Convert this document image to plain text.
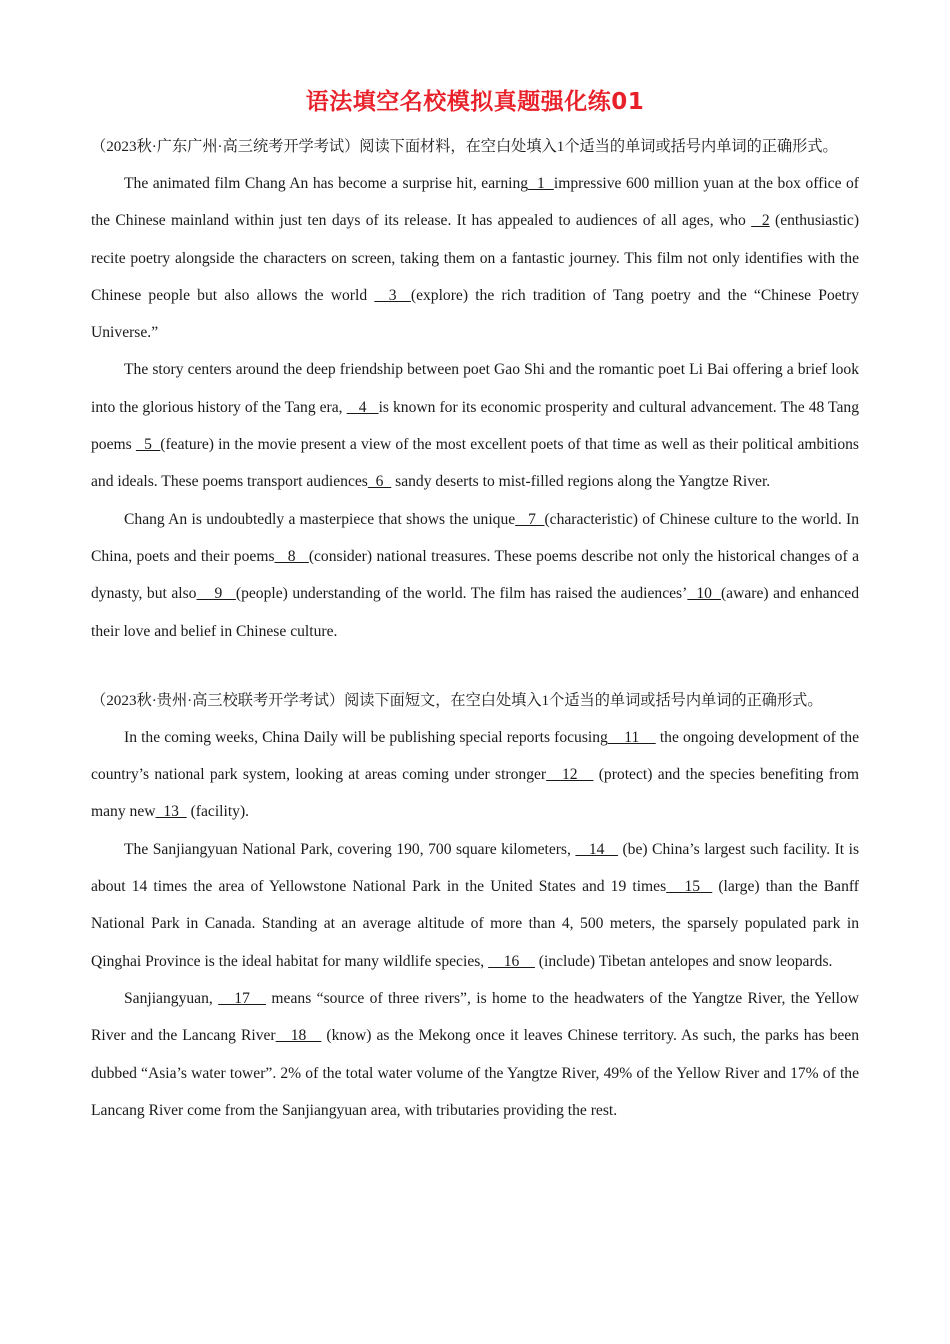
语法填空名校模拟真题强化练01

（2023秋·广东广州·高三统考开学考试）阅读下面材料，在空白处填入1个适当的单词或括号内单词的正确形式。

The animated film Chang An has become a surprise hit, earning  1  impressive 600 million yuan at the box office of the Chinese mainland within just ten days of its release. It has appealed to audiences of all ages, who   2 (enthusiastic) recite poetry alongside the characters on screen, taking them on a fantastic journey. This film not only identifies with the Chinese people but also allows the world   3  (explore) the rich tradition of Tang poetry and the “Chinese Poetry Universe.”

The story centers around the deep friendship between poet Gao Shi and the romantic poet Li Bai offering a brief look into the glorious history of the Tang era,    4   is known for its economic prosperity and cultural advancement. The 48 Tang poems   5  (feature) in the movie present a view of the most excellent poets of that time as well as their political ambitions and ideals. These poems transport audiences  6   sandy deserts to mist-filled regions along the Yangtze River.

Chang An is undoubtedly a masterpiece that shows the unique   7  (characteristic) of Chinese culture to the world. In China, poets and their poems   8   (consider) national treasures. These poems describe not only the historical changes of a dynasty, but also    9   (people) understanding of the world. The film has raised the audiences’  10  (aware) and enhanced their love and belief in Chinese culture.

（2023秋·贵州·高三校联考开学考试）阅读下面短文，在空白处填入1个适当的单词或括号内单词的正确形式。

In the coming weeks, China Daily will be publishing special reports focusing    11     the ongoing development of the country’s national park system, looking at areas coming under stronger   12    (protect) and the species benefiting from many new  13   (facility).

The Sanjiangyuan National Park, covering 190, 700 square kilometers,    14    (be) China’s largest such facility. It is about 14 times the area of Yellowstone National Park in the United States and 19 times   15   (large) than the Banff National Park in Canada. Standing at an average altitude of more than 4, 500 meters, the sparsely populated park in Qinghai Province is the ideal habitat for many wildlife species,     16     (include) Tibetan antelopes and snow leopards.

Sanjiangyuan,    17    means “source of three rivers”, is home to the headwaters of the Yangtze River, the Yellow River and the Lancang River   18    (know) as the Mekong once it leaves Chinese territory. As such, the parks has been dubbed “Asia’s water tower”. 2% of the total water volume of the Yangtze River, 49% of the Yellow River and 17% of the Lancang River come from the Sanjiangyuan area, with tributaries providing the rest.
